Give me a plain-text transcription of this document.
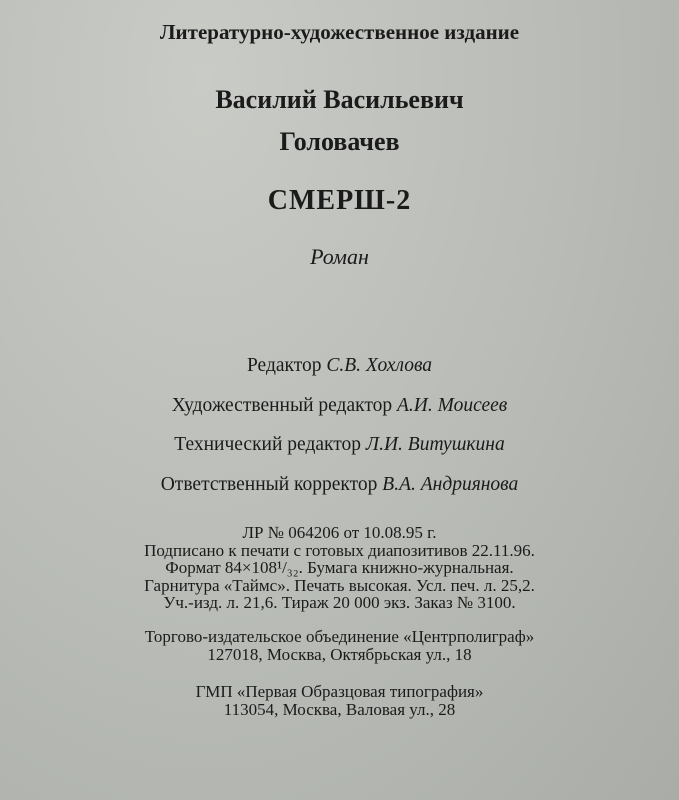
Литературно-художественное издание
Василий Васильевич
Головачев
СМЕРШ-2
Роман
Редактор С.В. Хохлова
Художественный редактор А.И. Моисеев
Технический редактор Л.И. Витушкина
Ответственный корректор В.А. Андриянова
ЛР № 064206 от 10.08.95 г.
Подписано к печати с готовых диапозитивов 22.11.96.
Формат 84×108¹/₃₂. Бумага книжно-журнальная.
Гарнитура «Таймс». Печать высокая. Усл. печ. л. 25,2.
Уч.-изд. л. 21,6. Тираж 20 000 экз. Заказ № 3100.
Торгово-издательское объединение «Центрполиграф»
127018, Москва, Октябрьская ул., 18
ГМП «Первая Образцовая типография»
113054, Москва, Валовая ул., 28
